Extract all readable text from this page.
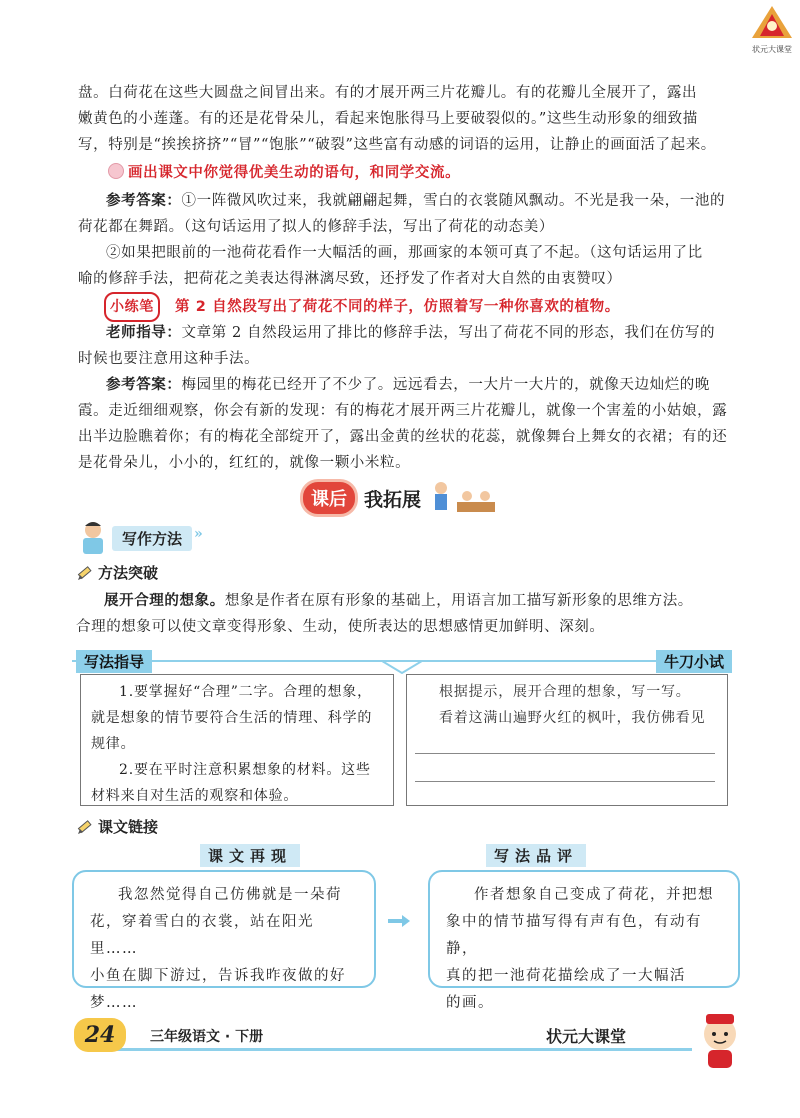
状元大课堂
盘。白荷花在这些大圆盘之间冒出来。有的才展开两三片花瓣儿。有的花瓣儿全展开了，露出
嫩黄色的小莲蓬。有的还是花骨朵儿，看起来饱胀得马上要破裂似的。”这些生动形象的细致描
写，特别是“挨挨挤挤”“冒”“饱胀”“破裂”这些富有动感的词语的运用，让静止的画面活了起来。
画出课文中你觉得优美生动的语句，和同学交流。
参考答案：①一阵微风吹过来，我就翩翩起舞，雪白的衣裳随风飘动。不光是我一朵，一池的
荷花都在舞蹈。（这句话运用了拟人的修辞手法，写出了荷花的动态美）
②如果把眼前的一池荷花看作一大幅活的画，那画家的本领可真了不起。（这句话运用了比
喻的修辞手法，把荷花之美表达得淋漓尽致，还抒发了作者对大自然的由衷赞叹）
小练笔 第 2 自然段写出了荷花不同的样子，仿照着写一种你喜欢的植物。
老师指导：文章第 2 自然段运用了排比的修辞手法，写出了荷花不同的形态，我们在仿写的
时候也要注意用这种手法。
参考答案：梅园里的梅花已经开了不少了。远远看去，一大片一大片的，就像天边灿烂的晚
霞。走近细细观察，你会有新的发现：有的梅花才展开两三片花瓣儿，就像一个害羞的小姑娘，露
出半边脸瞧着你；有的梅花全部绽开了，露出金黄的丝状的花蕊，就像舞台上舞女的衣裙；有的还
是花骨朵儿，小小的，红红的，就像一颗小米粒。
课后 我拓展
写作方法 »
方法突破
展开合理的想象。想象是作者在原有形象的基础上，用语言加工描写新形象的思维方法。
合理的想象可以使文章变得形象、生动，使所表达的思想感情更加鲜明、深刻。
写法指导	牛刀小试
1.要掌握好“合理”二字。合理的想象，
就是想象的情节要符合生活的情理、科学的
规律。
2.要在平时注意积累想象的材料。这些
材料来自对生活的观察和体验。
根据提示，展开合理的想象，写一写。
看着这满山遍野火红的枫叶，我仿佛看见
课文链接
课文再现	写法品评
我忽然觉得自己仿佛就是一朵荷
花，穿着雪白的衣裳，站在阳光里……
小鱼在脚下游过，告诉我昨夜做的好
梦……
作者想象自己变成了荷花，并把想
象中的情节描写得有声有色，有动有静，
真的把一池荷花描绘成了一大幅活
的画。
24	三年级语文 · 下册	状元大课堂
